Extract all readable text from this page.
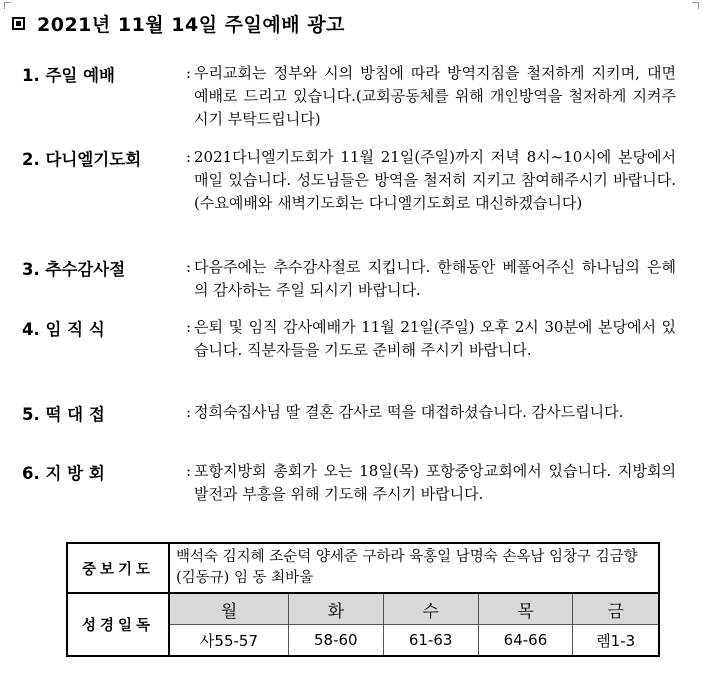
2021년 11월 14일 주일예배 광고
1. 주일 예배	: 우리교회는 정부와 시의 방침에 따라 방역지침을 철저하게 지키며, 대면 예배로 드리고 있습니다.(교회공동체를 위해 개인방역을 철저하게 지켜주시기 부탁드립니다)
2. 다니엘기도회	: 2021다니엘기도회가 11월 21일(주일)까지 저녁 8시~10시에 본당에서 매일 있습니다. 성도님들은 방역을 철저히 지키고 참여해주시기 바랍니다.(수요예배와 새벽기도회는 다니엘기도회로 대신하겠습니다)
3. 추수감사절	: 다음주에는 추수감사절로 지킵니다. 한해동안 베풀어주신 하나님의 은혜의 감사하는 주일 되시기 바랍니다.
4. 임 직 식	: 은퇴 및 임직 감사예배가 11월 21일(주일) 오후 2시 30분에 본당에서 있습니다. 직분자들을 기도로 준비해 주시기 바랍니다.
5. 떡 대 접	: 정희숙집사님 딸 결혼 감사로 떡을 대접하셨습니다. 감사드립니다.
6. 지 방 회	: 포항지방회 총회가 오는 18일(목) 포항중앙교회에서 있습니다. 지방회의 발전과 부흥을 위해 기도해 주시기 바랍니다.
중보기도	백석숙 김지혜 조순덕 양세준 구하라 육홍일 남명숙 손옥남 임창구 김금향(김동규) 임 동 최바울				
성경일독	월	화	수	목	금
	사55-57	58-60	61-63	64-66	렘1-3
